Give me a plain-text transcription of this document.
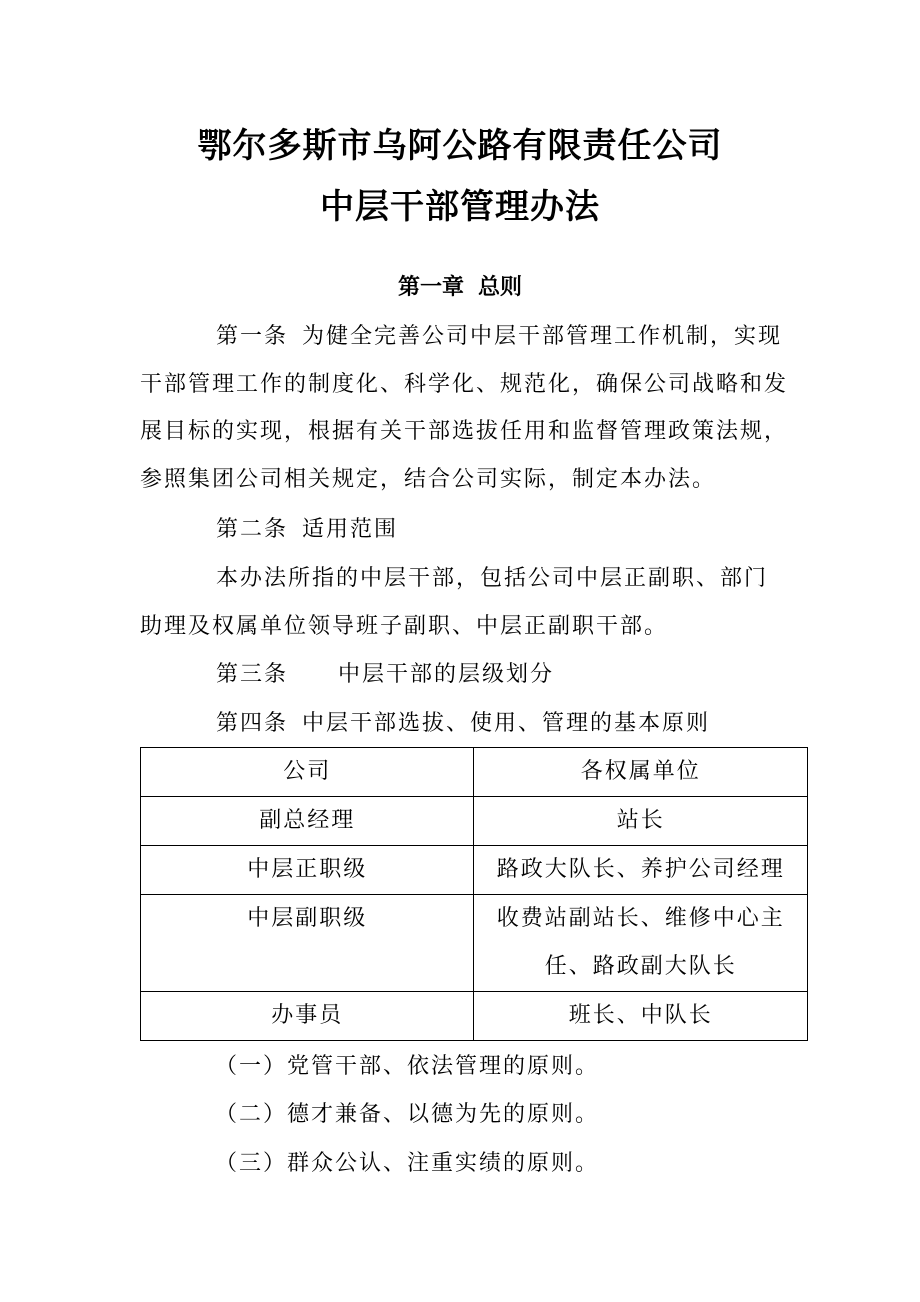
鄂尔多斯市乌阿公路有限责任公司
中层干部管理办法
第一章 总则

第一条 为健全完善公司中层干部管理工作机制，实现干部管理工作的制度化、科学化、规范化，确保公司战略和发展目标的实现，根据有关干部选拔任用和监督管理政策法规，参照集团公司相关规定，结合公司实际，制定本办法。

第二条 适用范围

本办法所指的中层干部，包括公司中层正副职、部门助理及权属单位领导班子副职、中层正副职干部。

第三条 中层干部的层级划分

第四条 中层干部选拔、使用、管理的基本原则

公司	各权属单位
副总经理	站长
中层正职级	路政大队长、养护公司经理
中层副职级	收费站副站长、维修中心主任、路政副大队长
办事员	班长、中队长
（一）党管干部、依法管理的原则。
（二）德才兼备、以德为先的原则。
（三）群众公认、注重实绩的原则。
